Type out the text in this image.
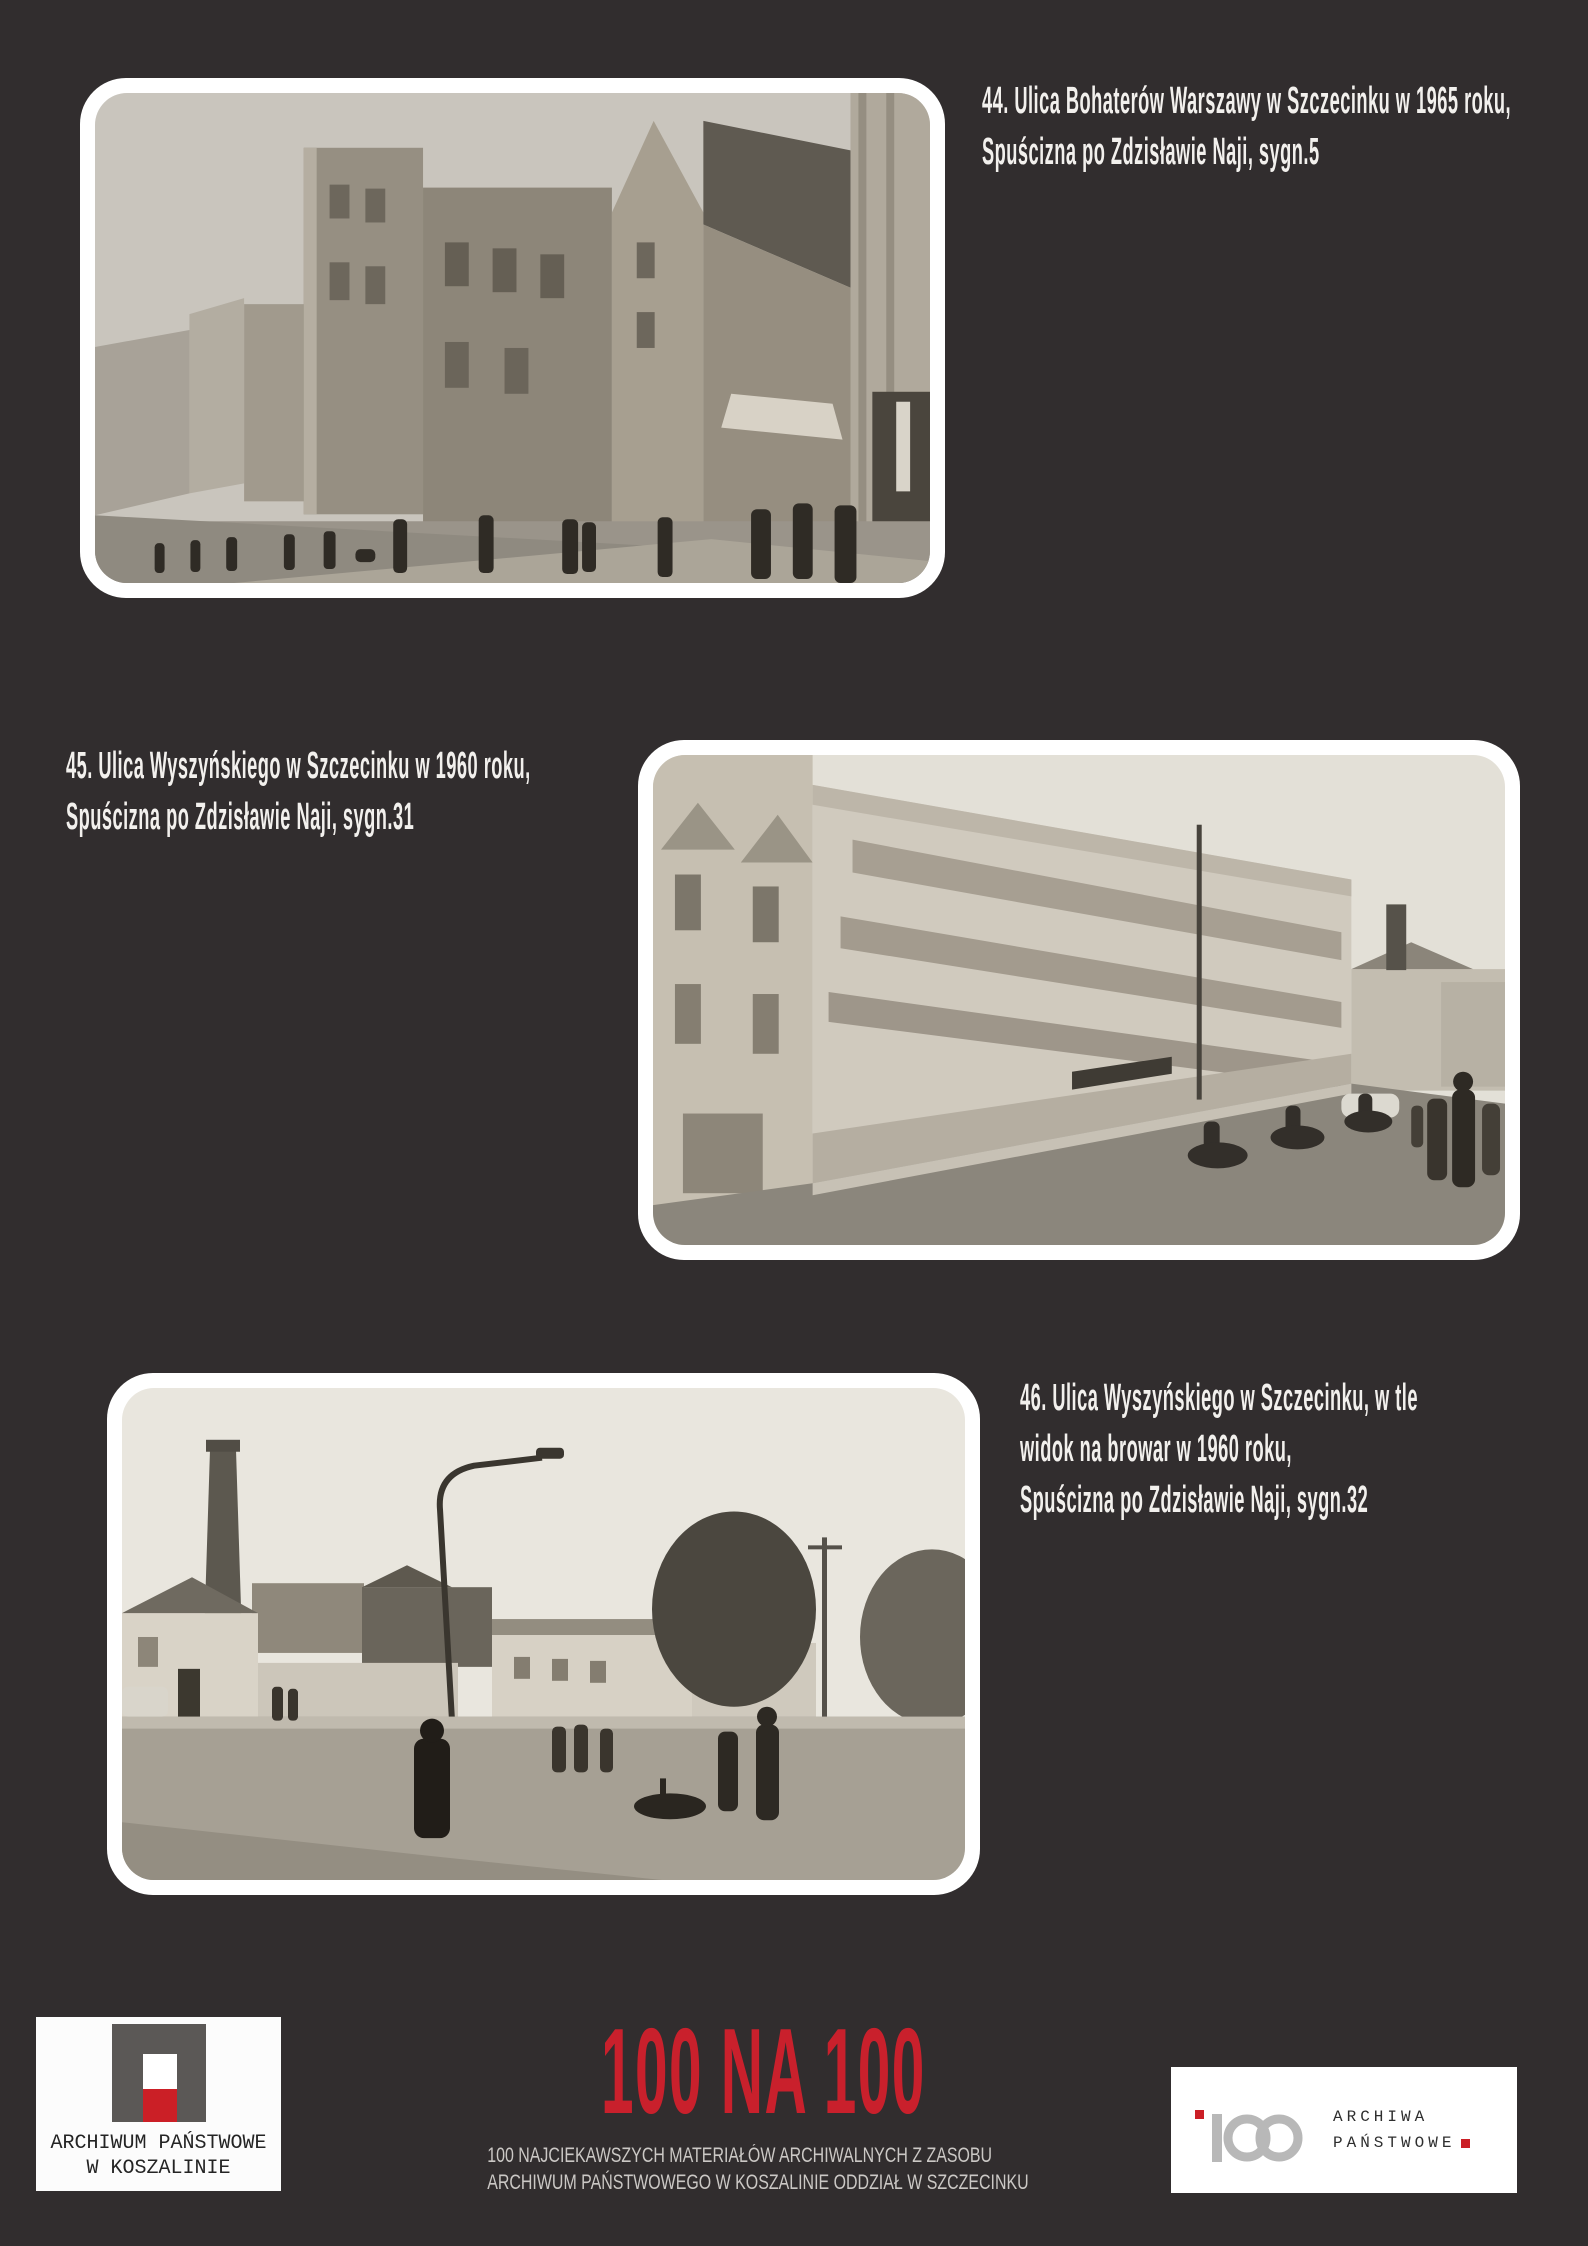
44. Ulica Bohaterów Warszawy w Szczecinku w 1965 roku,
Spuścizna po Zdzisławie Naji, sygn.5
45. Ulica Wyszyńskiego w Szczecinku w 1960 roku,
Spuścizna po Zdzisławie Naji, sygn.31
46. Ulica Wyszyńskiego w Szczecinku, w tle
widok na browar w 1960 roku,
Spuścizna po Zdzisławie Naji, sygn.32
ARCHIWUM PAŃSTWOWE
W KOSZALINIE
100 NA 100
100 NAJCIEKAWSZYCH MATERIAŁÓW ARCHIWALNYCH Z ZASOBU
ARCHIWUM PAŃSTWOWEGO W KOSZALINIE ODDZIAŁ W SZCZECINKU
ARCHIWA
PAŃSTWOWE
